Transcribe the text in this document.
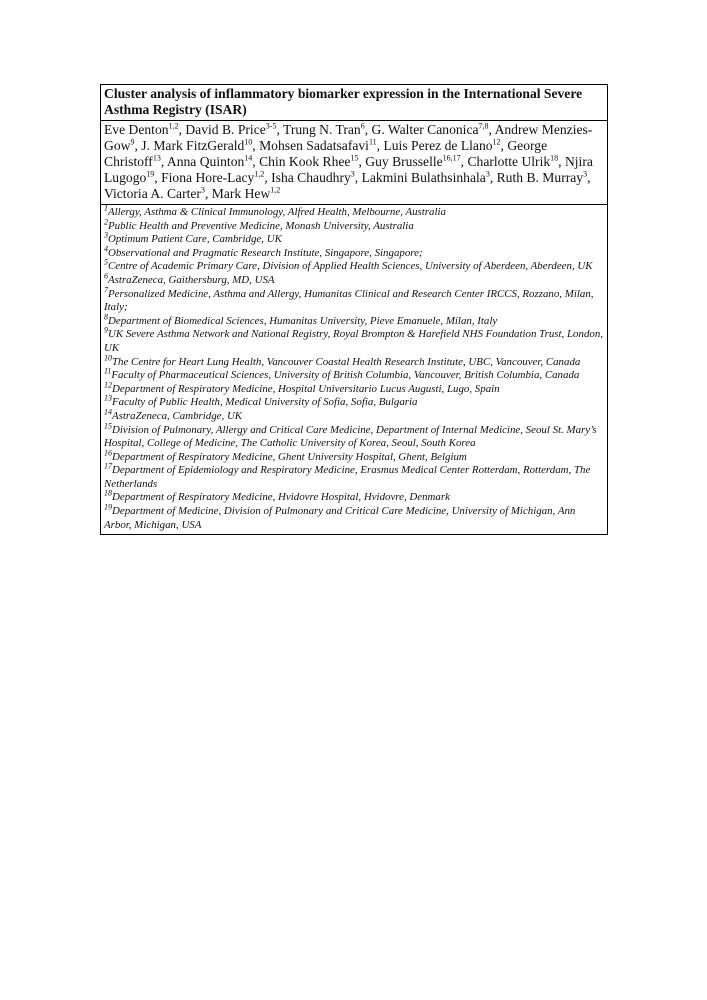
Cluster analysis of inflammatory biomarker expression in the International Severe Asthma Registry (ISAR)
Eve Denton$^{1,2}$, David B. Price$^{3-5}$, Trung N. Tran$^6$, G. Walter Canonica$^{7,8}$, Andrew Menzies-Gow$^9$, J. Mark FitzGerald$^{10}$, Mohsen Sadatsafavi$^{11}$, Luis Perez de Llano$^{12}$, George Christoff$^{13}$, Anna Quinton$^{14}$, Chin Kook Rhee$^{15}$, Guy Brusselle$^{16,17}$, Charlotte Ulrik$^{18}$, Njira Lugogo$^{19}$, Fiona Hore-Lacy$^{1,2}$, Isha Chaudhry$^3$, Lakmini Bulathsinhala$^3$, Ruth B. Murray$^3$, Victoria A. Carter$^3$, Mark Hew$^{1,2}$
$^1$Allergy, Asthma & Clinical Immunology, Alfred Health, Melbourne, Australia
$^2$Public Health and Preventive Medicine, Monash University, Australia
$^3$Optimum Patient Care, Cambridge, UK
$^4$Observational and Pragmatic Research Institute, Singapore, Singapore;
$^5$Centre of Academic Primary Care, Division of Applied Health Sciences, University of Aberdeen, Aberdeen, UK
$^6$AstraZeneca, Gaithersburg, MD, USA
$^7$Personalized Medicine, Asthma and Allergy, Humanitas Clinical and Research Center IRCCS, Rozzano, Milan, Italy;
$^8$Department of Biomedical Sciences, Humanitas University, Pieve Emanuele, Milan, Italy
$^9$UK Severe Asthma Network and National Registry, Royal Brompton & Harefield NHS Foundation Trust, London, UK
$^{10}$The Centre for Heart Lung Health, Vancouver Coastal Health Research Institute, UBC, Vancouver, Canada
$^{11}$Faculty of Pharmaceutical Sciences, University of British Columbia, Vancouver, British Columbia, Canada
$^{12}$Department of Respiratory Medicine, Hospital Universitario Lucus Augusti, Lugo, Spain
$^{13}$Faculty of Public Health, Medical University of Sofia, Sofia, Bulgaria
$^{14}$AstraZeneca, Cambridge, UK
$^{15}$Division of Pulmonary, Allergy and Critical Care Medicine, Department of Internal Medicine, Seoul St. Mary’s Hospital, College of Medicine, The Catholic University of Korea, Seoul, South Korea
$^{16}$Department of Respiratory Medicine, Ghent University Hospital, Ghent, Belgium
$^{17}$Department of Epidemiology and Respiratory Medicine, Erasmus Medical Center Rotterdam, Rotterdam, The Netherlands
$^{18}$Department of Respiratory Medicine, Hvidovre Hospital, Hvidovre, Denmark
$^{19}$Department of Medicine, Division of Pulmonary and Critical Care Medicine, University of Michigan, Ann Arbor, Michigan, USA
